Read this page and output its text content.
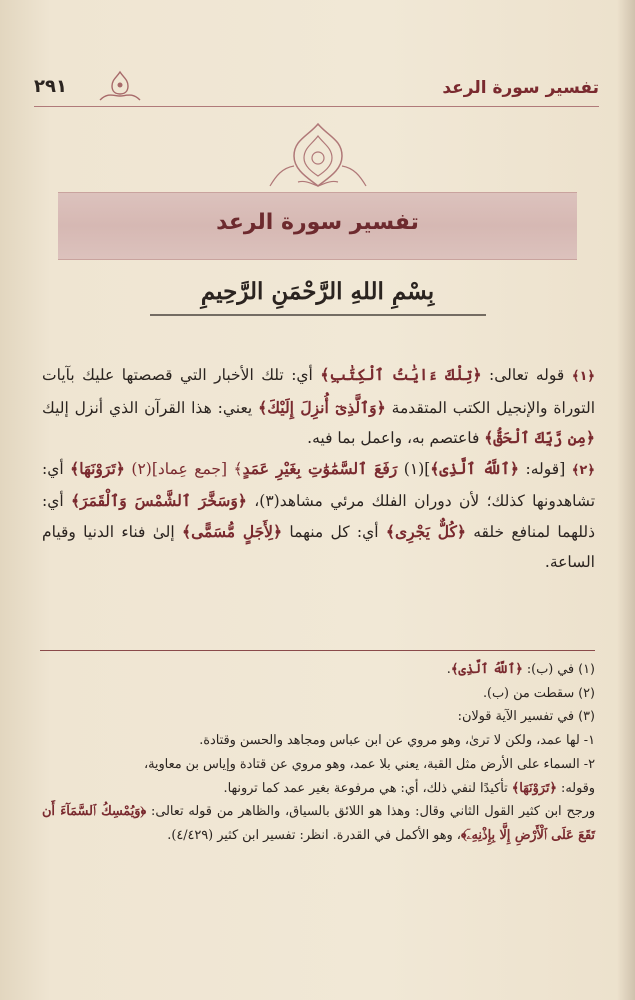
تفسير سورة الرعد
٢٩١
تفسير سورة الرعد
بِسْمِ اللهِ الرَّحْمَنِ الرَّحِيمِ

﴿١﴾ قوله تعالى: ﴿تِلْكَ ءَايَٰتُ ٱلْكِتَٰبِ﴾ أي: تلك الأخبار التي قصصتها عليك بآيات التوراة والإنجيل الكتب المتقدمة ﴿وَٱلَّذِىٓ أُنزِلَ إِلَيْكَ﴾ يعني: هذا القرآن الذي أنزل إليك ﴿مِن رَّبِّكَ ٱلْحَقُّ﴾ فاعتصم به، واعمل بما فيه.

﴿٢﴾ [قوله: ﴿ٱللَّهُ ٱلَّذِى﴾](١) رَفَعَ ٱلسَّمَٰوَٰتِ بِغَيْرِ عَمَدٍ﴾ [جمع عِماد](٢) ﴿تَرَوْنَهَا﴾ أي: تشاهدونها كذلك؛ لأن دوران الفلك مرئي مشاهد(٣)، ﴿وَسَخَّرَ ٱلشَّمْسَ وَٱلْقَمَرَ﴾ أي: ذللهما لمنافع خلقه ﴿كُلٌّ يَجْرِى﴾ أي: كل منهما ﴿لِأَجَلٍ مُّسَمًّى﴾ إلىٰ فناء الدنيا وقيام الساعة.

(١) في (ب): ﴿ٱللَّهُ ٱلَّذِى﴾.

(٢) سقطت من (ب).

(٣) في تفسير الآية قولان:

١- لها عمد، ولكن لا ترىٰ، وهو مروي عن ابن عباس ومجاهد والحسن وقتادة.

٢- السماء على الأرض مثل القبة، يعني بلا عمد، وهو مروي عن قتادة وإياس بن معاوية،

وقوله: ﴿تَرَوْنَهَا﴾ تأكيدًا لنفي ذلك، أي: هي مرفوعة بغير عمد كما ترونها.

ورجح ابن كثير القول الثاني وقال: وهذا هو اللائق بالسياق، والظاهر من قوله تعالى: ﴿وَيُمْسِكُ ٱلسَّمَآءَ أَن تَقَعَ عَلَى ٱلْأَرْضِ إِلَّا بِإِذْنِهِۦٓ﴾، وهو الأكمل في القدرة. انظر: تفسير ابن كثير (٤/٤٢٩).
